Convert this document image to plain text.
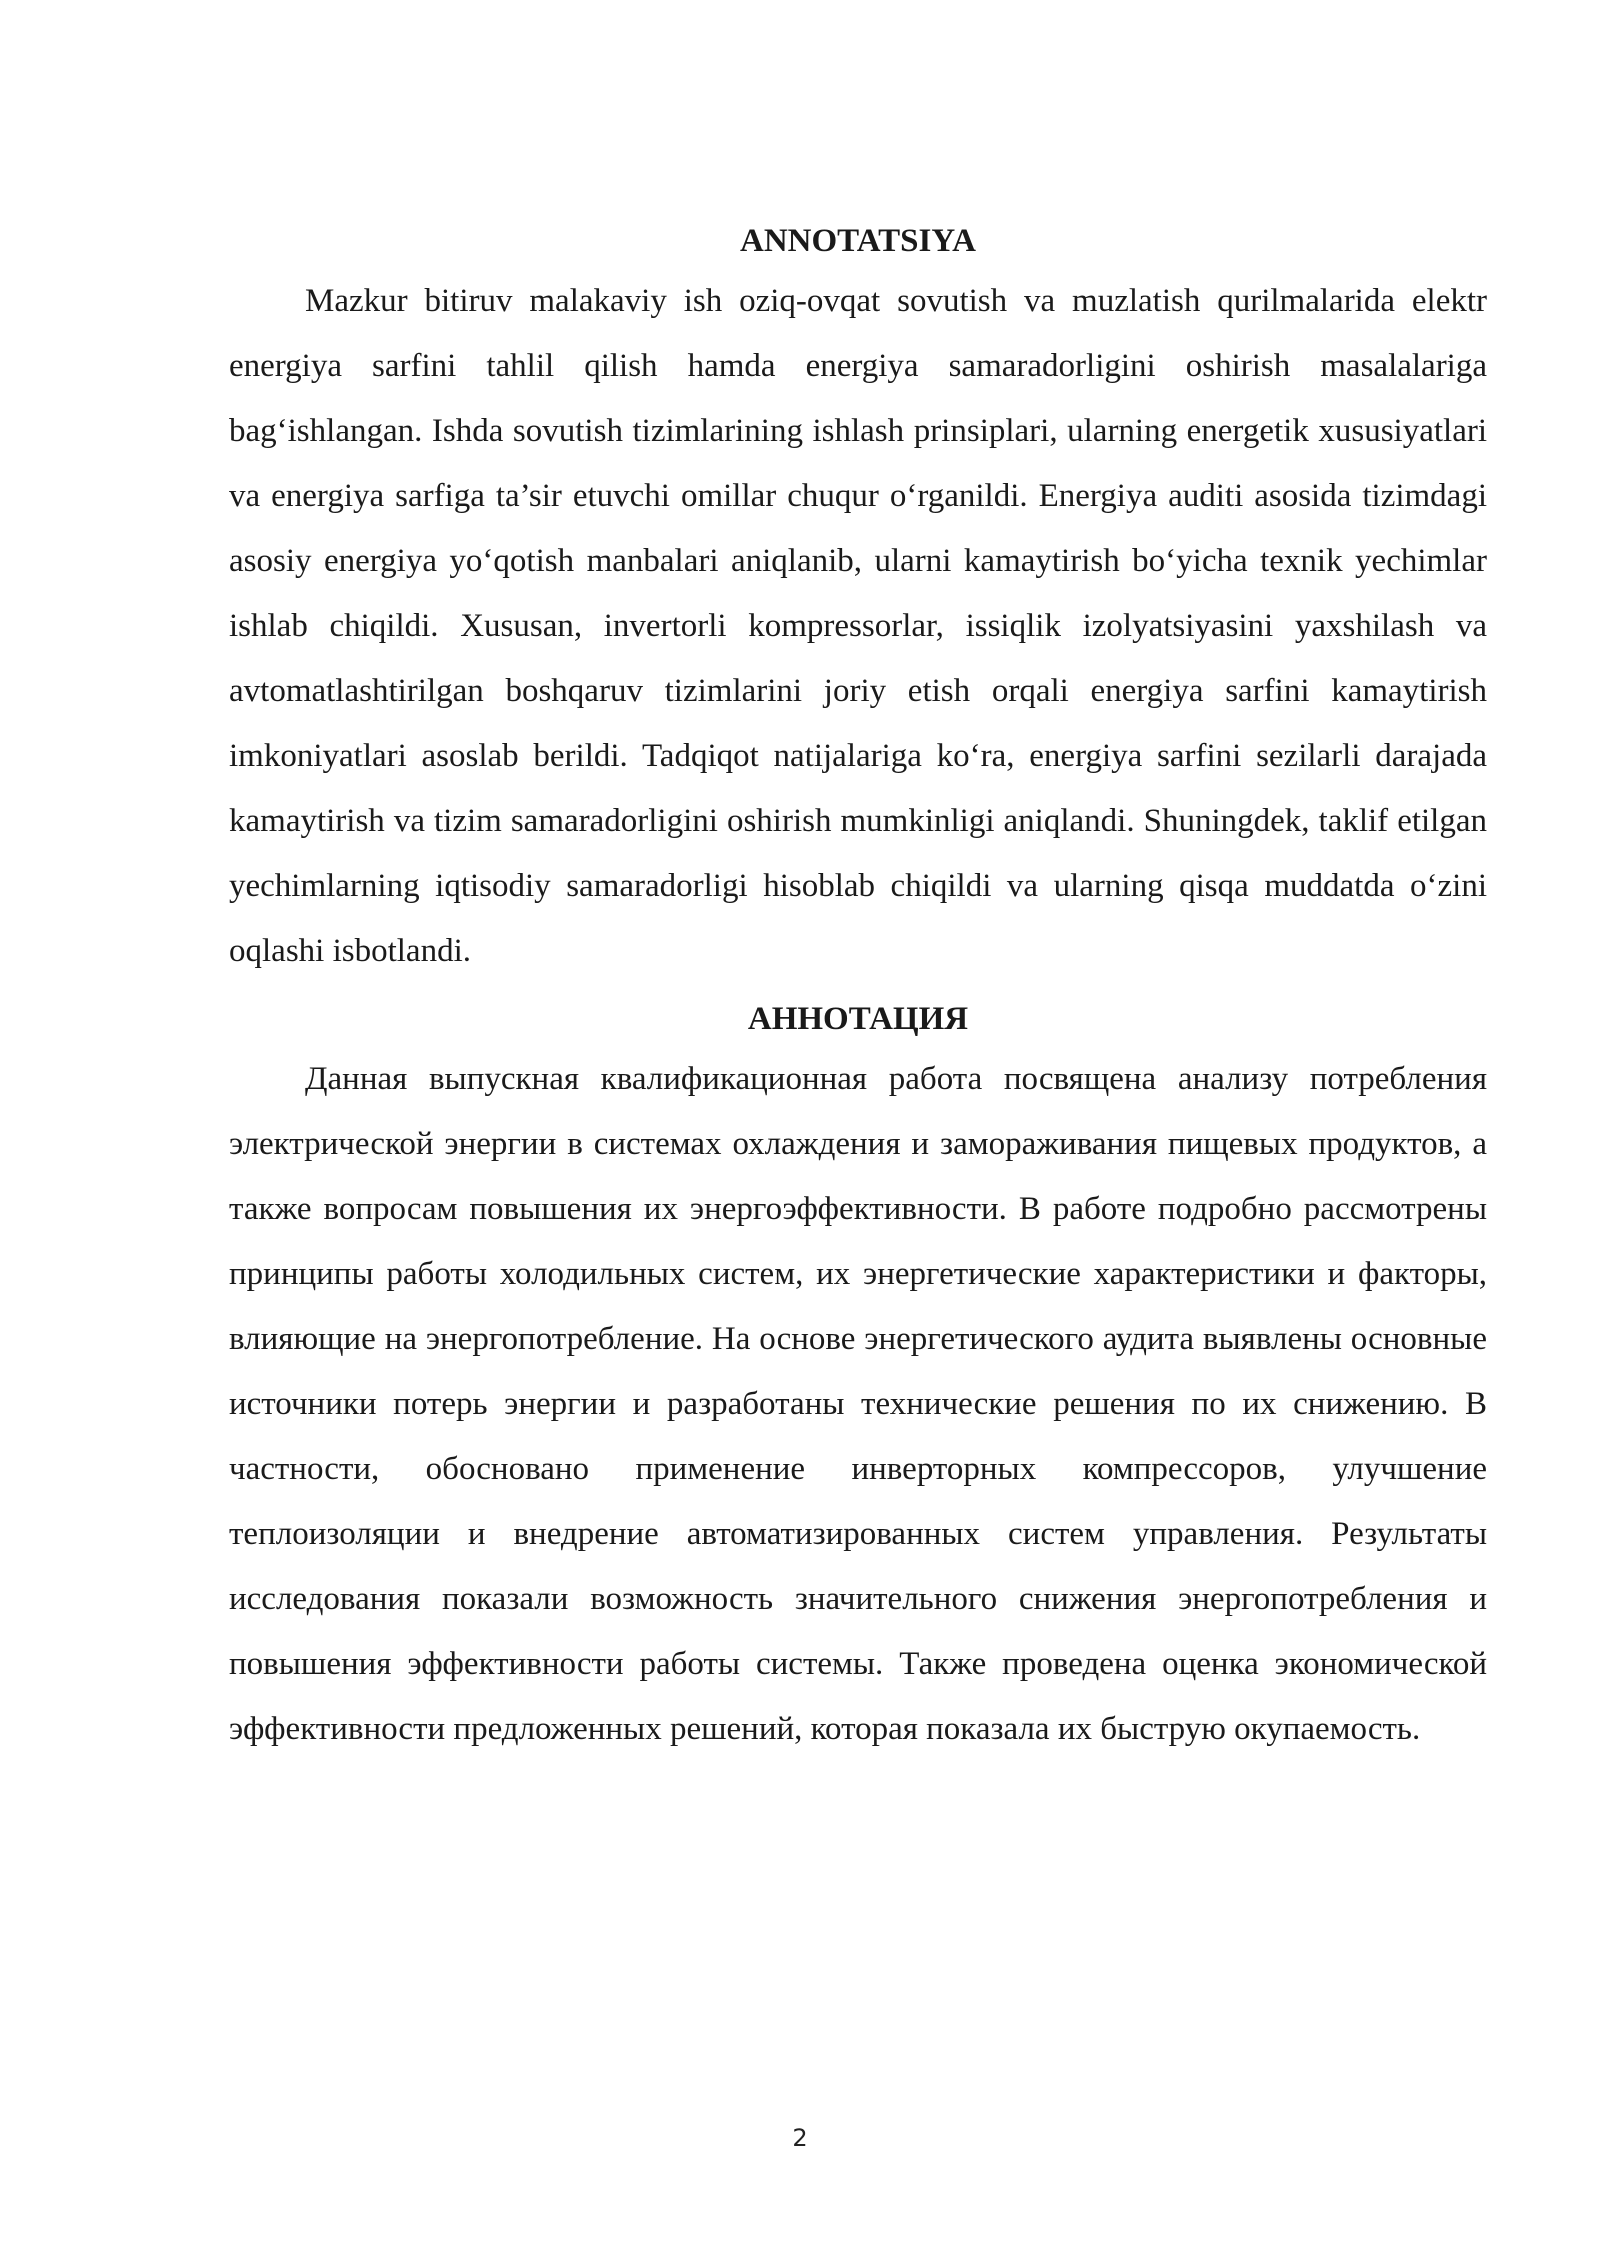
ANNOTATSIYA

Mazkur bitiruv malakaviy ish oziq-ovqat sovutish va muzlatish qurilmalarida elektr energiya sarfini tahlil qilish hamda energiya samaradorligini oshirish masalalariga bag‘ishlangan. Ishda sovutish tizimlarining ishlash prinsiplari, ularning energetik xususiyatlari va energiya sarfiga ta’sir etuvchi omillar chuqur o‘rganildi. Energiya auditi asosida tizimdagi asosiy energiya yo‘qotish manbalari aniqlanib, ularni kamaytirish bo‘yicha texnik yechimlar ishlab chiqildi. Xususan, invertorli kompressorlar, issiqlik izolyatsiyasini yaxshilash va avtomatlashtirilgan boshqaruv tizimlarini joriy etish orqali energiya sarfini kamaytirish imkoniyatlari asoslab berildi. Tadqiqot natijalariga ko‘ra, energiya sarfini sezilarli darajada kamaytirish va tizim samaradorligini oshirish mumkinligi aniqlandi. Shuningdek, taklif etilgan yechimlarning iqtisodiy samaradorligi hisoblab chiqildi va ularning qisqa muddatda o‘zini oqlashi isbotlandi.

АННОТАЦИЯ

Данная выпускная квалификационная работа посвящена анализу потребления электрической энергии в системах охлаждения и замораживания пищевых продуктов, а также вопросам повышения их энергоэффективности. В работе подробно рассмотрены принципы работы холодильных систем, их энергетические характеристики и факторы, влияющие на энергопотребление. На основе энергетического аудита выявлены основные источники потерь энергии и разработаны технические решения по их снижению. В частности, обосновано применение инверторных компрессоров, улучшение теплоизоляции и внедрение автоматизированных систем управления. Результаты исследования показали возможность значительного снижения энергопотребления и повышения эффективности работы системы. Также проведена оценка экономической эффективности предложенных решений, которая показала их быструю окупаемость.

2
